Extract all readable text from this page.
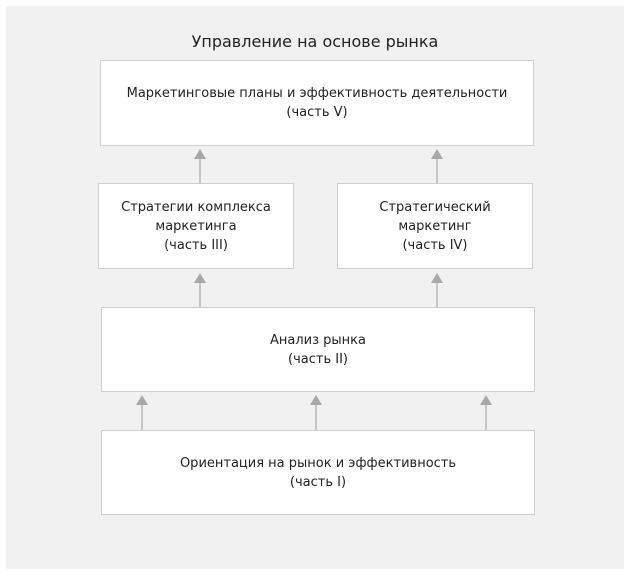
Управление на основе рынка
Маркетинговые планы и эффективность деятельности
(часть V)
Стратегии комплекса
маркетинга
(часть III)
Стратегический
маркетинг
(часть IV)
Анализ рынка
(часть II)
Ориентация на рынок и эффективность
(часть I)
